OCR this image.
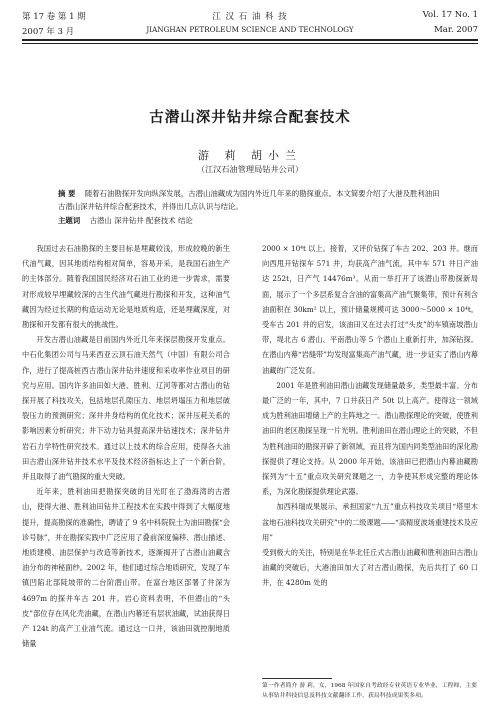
第 17 卷 第 1 期
2007 年 3 月
江 汉 石 油 科 技
JIANGHAN PETROLEUM SCIENCE AND TECHNOLOGY
Vol. 17 No. 1
Mar. 2007
古潜山深井钻井综合配套技术
游 莉 胡小兰
（江汉石油管理局钻井公司）
摘 要 随着石油勘探开发向纵深发展，古潜山油藏成为国内外近几年来的勘探重点。本文简要介绍了大港及胜利油田古潜山深井钻井综合配套技术，并得出几点认识与结论。
主题词 古潜山 深井钻井 配套技术 结论

我国过去石油勘探的主要目标是埋藏较浅，形成较晚的新生代油气藏，因其地质结构相对简单，容易开采，是我国石油生产的主体部分。随着我国国民经济对石油工业的进一步需求，需要对形成较早埋藏较深的古生代油气藏进行勘探和开发，这种油气藏因为经过长期的构造运动无论是地质构造，还是埋藏深度，对勘探和开发都有很大的挑战性。

开发古潜山油藏是目前国内外近几年来探层勘探开发重点。中石化集团公司与马来西亚云顶石油天然气（中国）有限公司合作，进行了提高桩西古潜山深井钻井速度和采收率作业项目的研究与应用。国内许多油田如大港、胜利、辽河等都对古潜山的钻探开展了科技攻关，包括地层孔隙压力、地层坍塌压力和地层破裂压力的预测研究；深井井身结构的优化技术；深井压耗关系的影响因素分析研究；井下动力钻具提高深井钻速技术；深井钻井岩石力学特性研究技术。通过以上技术的综合应用，使得各大油田古潜山深井钻井技术水平及技术经济指标达上了一个新台阶，并且取得了油气勘探的重大突破。

近年来，胜利油田把勘探突破的目光盯在了渤海湾的古潜山，使得大港、胜利油田钻井工程技术在实践中得到了大幅度地提升，提高勘探的准确性，聘请了 9 名中科院院士为油田勘探“会诊号脉”，并在勘探实践中广泛应用了叠前深度偏移、潜山描述、地质建模、油层保护与改造等新技术，逐渐揭开了古潜山油藏含油分布的神秘面纱。2002 年，他们通过综合地质研究，发现了车镇凹陷北部陡坡带的二台阶潜山带。在富台地区部署了井深为 4697m 的探井车古 201 井。岩心资料表明，不但潜山的“头皮”部位存在风化壳油藏，在潜山内幕还有层状油藏，试油获得日产 124t 的高产工业油气流。通过这一口井，该油田就控制地质储量

2000 × 10⁴t 以上。接着，又评价钻探了车古 202、203 井。继而向西甩开钻探车 571 井，均获高产油气流，其中车 571 井日产油达 252t，日产气 14476m³。从而一举打开了该潜山带勘探新局面，展示了一个多层系复合含油的富集高产油气聚集带，预计有利含油面积在 30km² 以上，预计储量规模可达 3000～5000 × 10⁴t。受车古 201 井的启发，该油田又在过去打过“头皮”的车镇南坡潜山带，堤北古 6 潜山、平南潜山等 5 个潜山上重新打井，加深钻探。在潜山内幕“岩缝带”均发现富集高产油气藏，进一步证实了潜山内幕油藏的广泛发育。

2001 年是胜利油田潜山油藏发现储量最多，类型最丰富、分布最广泛的一年，其中，7 口井获日产 50t 以上高产。使得这一领域成为胜利油田增储上产的主阵地之一。潜山勘探理论的突破，使胜利油田的老区勘探呈现一片光明。胜利油田在潜山理论上的突破，不但为胜利油田的勘探开辟了新领域，而且将为国内同类型油田的深化勘探提供了理论支持。从 2000 年开始，该油田已把潜山内幕油藏勘探列为“十五”重点攻关研究课题之一，力争使其形成完整的理论体系，为深化勘探提供理论武器。

加西科瑞成果展示，承担国家“九五”重点科技攻关项目“塔里木盆地石油科技攻关研究”中的二级课题——“高精度波场重建技术及应用”

受到极大的关注，特别是在华北任丘式古潜山油藏和胜利油田古潜山油藏的突破后，大港油田加大了对古潜山勘探，先后共打了 60 口井，在 4280m 处的

第一作者简介 游 莉，女，1968 年国家自考政经专业英语专业毕业，工程师，主要从事钻井科技信息及科技文献翻译工作，获局科技成果奖多项。
